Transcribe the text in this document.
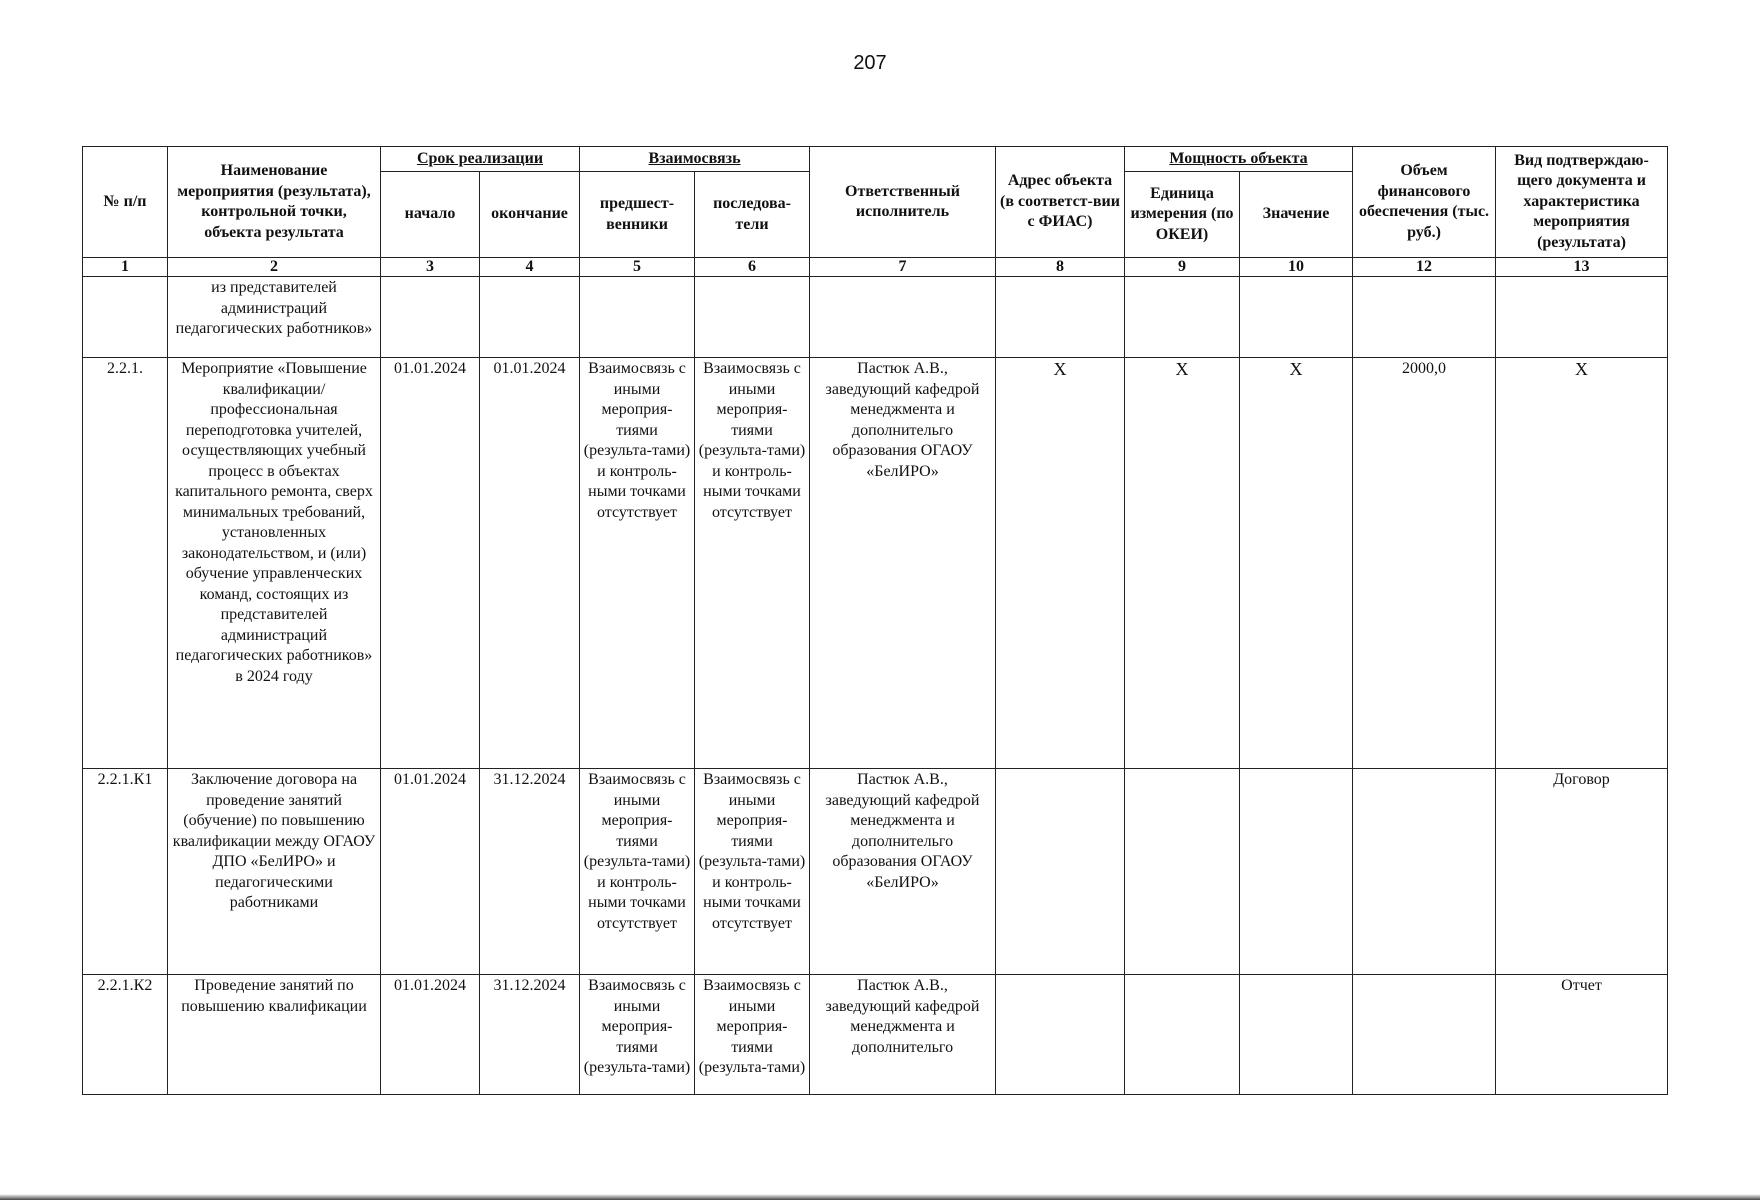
207
№ п/п	Наименование мероприятия (результата), контрольной точки, объекта результата	Срок реализации		Взаимосвязь		Ответственный исполнитель	Адрес объекта (в соответст-вии с ФИАС)	Мощность объекта		Объем финансового обеспечения (тыс. руб.)	Вид подтверждаю-щего документа и характеристика мероприятия (результата)
		начало	окончание	предшест-венники	последова-тели			Единица измерения (по ОКЕИ)	Значение		
1	2	3	4	5	6	7	8	9	10	12	13
	из представителей администраций педагогических работников»										
2.2.1.	Мероприятие «Повышение квалификации/профессиональная переподготовка учителей, осуществляющих учебный процесс в объектах капитального ремонта, сверх минимальных требований, установленных законодательством, и (или) обучение управленческих команд, состоящих из представителей администраций педагогических работников» в 2024 году	01.01.2024	01.01.2024	Взаимосвязь с иными мероприя-тиями (результа-тами) и контроль-ными точками отсутствует	Взаимосвязь с иными мероприя-тиями (результа-тами) и контроль-ными точками отсутствует	Пастюк А.В., заведующий кафедрой менеджмента и дополнительго образования ОГАОУ «БелИРО»	X	X	X	2000,0	X
2.2.1.К1	Заключение договора на проведение занятий (обучение) по повышению квалификации между ОГАОУ ДПО «БелИРО» и педагогическими работниками	01.01.2024	31.12.2024	Взаимосвязь с иными мероприя-тиями (результа-тами) и контроль-ными точками отсутствует	Взаимосвязь с иными мероприя-тиями (результа-тами) и контроль-ными точками отсутствует	Пастюк А.В., заведующий кафедрой менеджмента и дополнительго образования ОГАОУ «БелИРО»					Договор
2.2.1.К2	Проведение занятий по повышению квалификации	01.01.2024	31.12.2024	Взаимосвязь с иными мероприя-тиями (результа-тами)	Взаимосвязь с иными мероприя-тиями (результа-тами)	Пастюк А.В., заведующий кафедрой менеджмента и дополнительго					Отчет
